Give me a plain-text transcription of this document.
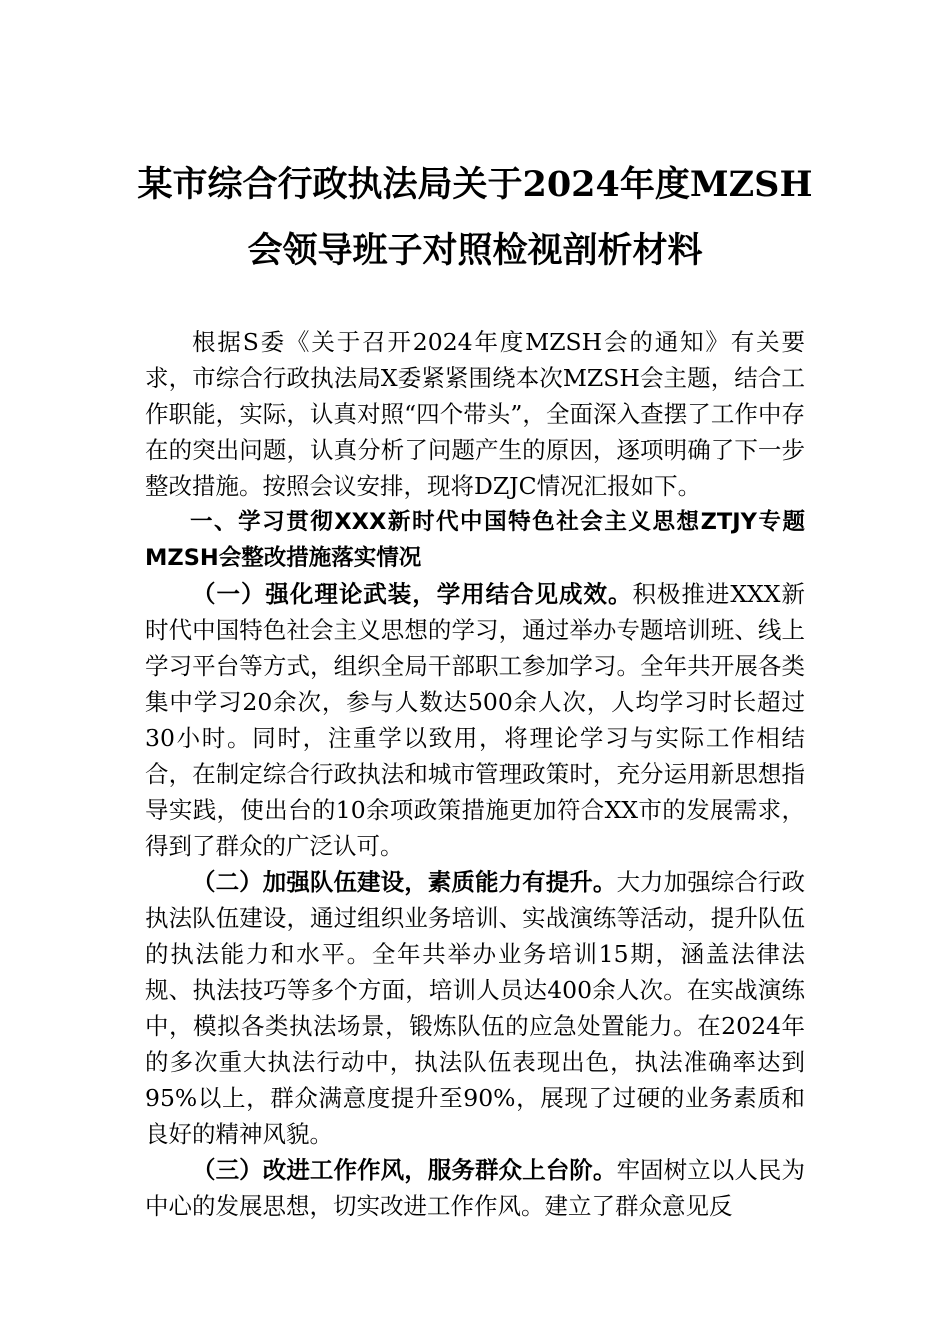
某市综合行政执法局关于2024年度MZSH
会领导班子对照检视剖析材料

根据S委《关于召开2024年度MZSH会的通知》有关要求，市综合行政执法局X委紧紧围绕本次MZSH会主题，结合工作职能，实际，认真对照“四个带头”，全面深入查摆了工作中存在的突出问题，认真分析了问题产生的原因，逐项明确了下一步整改措施。按照会议安排，现将DZJC情况汇报如下。

一、学习贯彻XXX新时代中国特色社会主义思想ZTJY专题MZSH会整改措施落实情况

（一）强化理论武装，学用结合见成效。积极推进XXX新时代中国特色社会主义思想的学习，通过举办专题培训班、线上学习平台等方式，组织全局干部职工参加学习。全年共开展各类集中学习20余次，参与人数达500余人次，人均学习时长超过30小时。同时，注重学以致用，将理论学习与实际工作相结合，在制定综合行政执法和城市管理政策时，充分运用新思想指导实践，使出台的10余项政策措施更加符合XX市的发展需求，得到了群众的广泛认可。

（二）加强队伍建设，素质能力有提升。大力加强综合行政执法队伍建设，通过组织业务培训、实战演练等活动，提升队伍的执法能力和水平。全年共举办业务培训15期，涵盖法律法规、执法技巧等多个方面，培训人员达400余人次。在实战演练中，模拟各类执法场景，锻炼队伍的应急处置能力。在2024年的多次重大执法行动中，执法队伍表现出色，执法准确率达到95%以上，群众满意度提升至90%，展现了过硬的业务素质和良好的精神风貌。

（三）改进工作作风，服务群众上台阶。牢固树立以人民为中心的发展思想，切实改进工作作风。建立了群众意见反
